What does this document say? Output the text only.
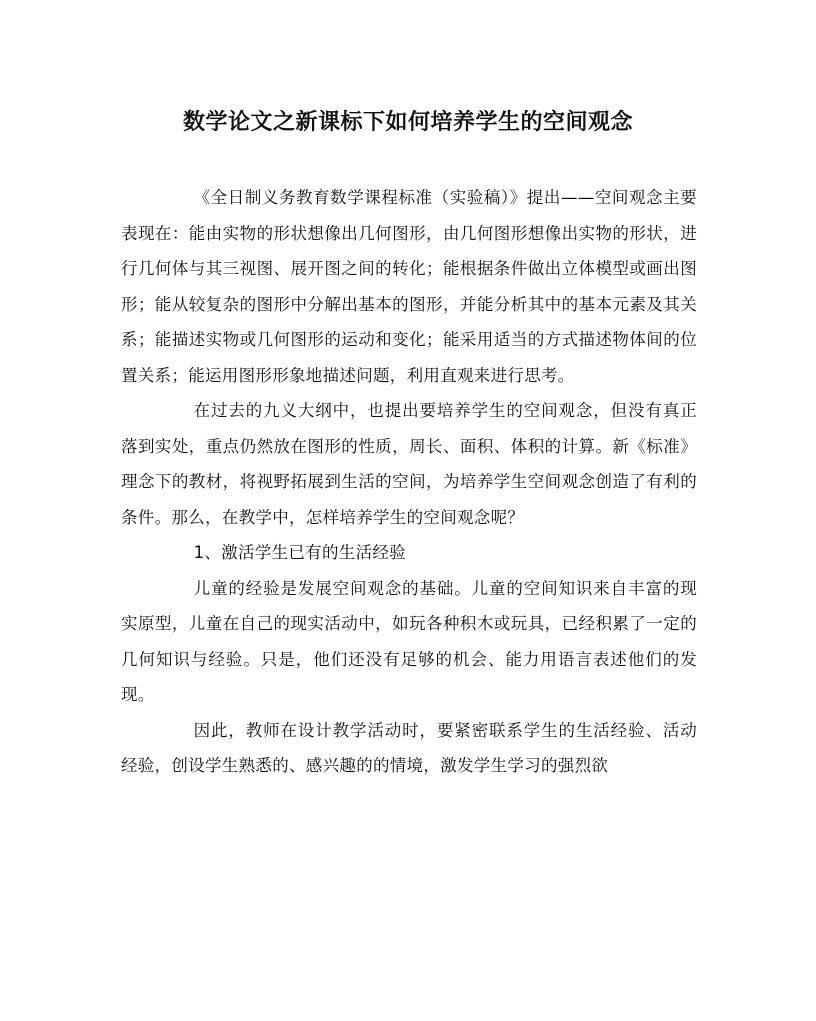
数学论文之新课标下如何培养学生的空间观念

《全日制义务教育数学课程标准（实验稿）》提出——空间观念主要表现在：能由实物的形状想像出几何图形，由几何图形想像出实物的形状，进行几何体与其三视图、展开图之间的转化；能根据条件做出立体模型或画出图形；能从较复杂的图形中分解出基本的图形，并能分析其中的基本元素及其关系；能描述实物或几何图形的运动和变化；能采用适当的方式描述物体间的位置关系；能运用图形形象地描述问题，利用直观来进行思考。

在过去的九义大纲中，也提出要培养学生的空间观念，但没有真正落到实处，重点仍然放在图形的性质，周长、面积、体积的计算。新《标准》理念下的教材，将视野拓展到生活的空间，为培养学生空间观念创造了有利的条件。那么，在教学中，怎样培养学生的空间观念呢？

1、激活学生已有的生活经验

儿童的经验是发展空间观念的基础。儿童的空间知识来自丰富的现实原型，儿童在自己的现实活动中，如玩各种积木或玩具，已经积累了一定的几何知识与经验。只是，他们还没有足够的机会、能力用语言表述他们的发现。

因此，教师在设计教学活动时，要紧密联系学生的生活经验、活动经验，创设学生熟悉的、感兴趣的的情境，激发学生学习的强烈欲
